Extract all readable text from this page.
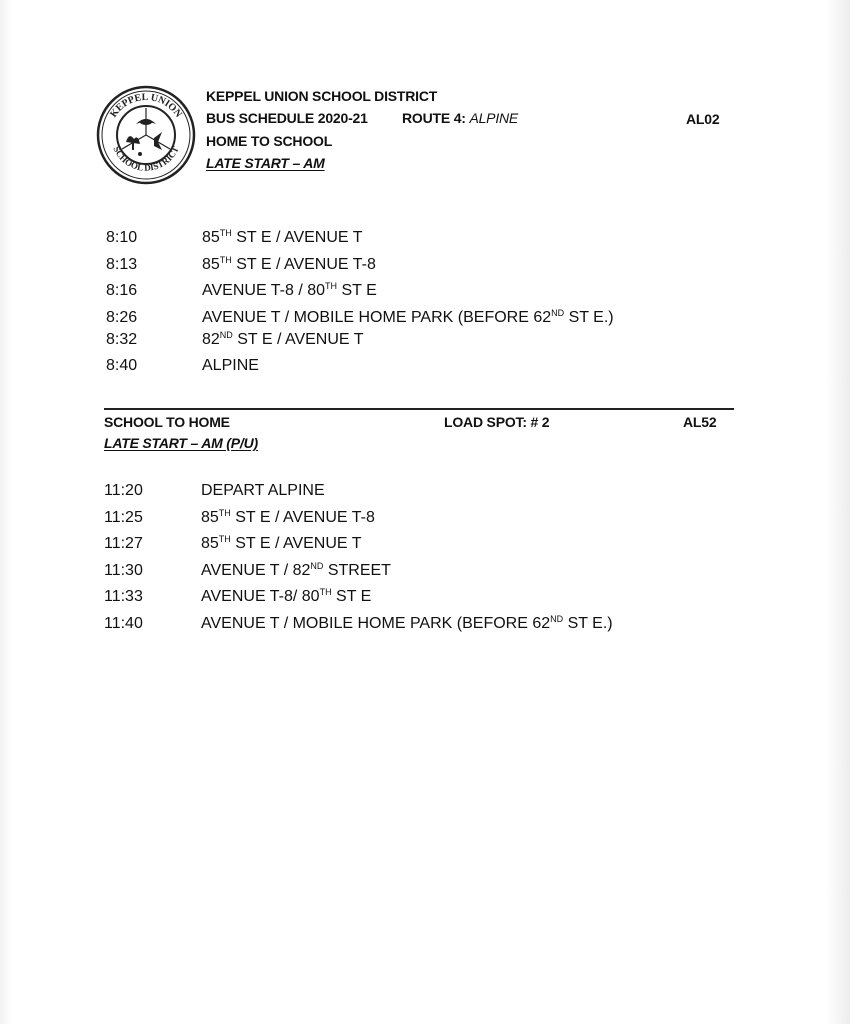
KEPPEL UNION
SCHOOL DISTRICT
KEPPEL UNION SCHOOL DISTRICT
BUS SCHEDULE 2020-21 ROUTE 4: ALPINE	AL02
HOME TO SCHOOL
LATE START – AM
8:10	85TH ST E / AVENUE T
8:13	85TH ST E / AVENUE T-8
8:16	AVENUE T-8 / 80TH ST E
8:26	AVENUE T / MOBILE HOME PARK (BEFORE 62ND ST E.)
8:32	82ND ST E / AVENUE T
8:40	ALPINE
SCHOOL TO HOME	LOAD SPOT: # 2	AL52
LATE START – AM (P/U)
11:20	DEPART ALPINE
11:25	85TH ST E / AVENUE T-8
11:27	85TH ST E / AVENUE T
11:30	AVENUE T / 82ND STREET
11:33	AVENUE T-8/ 80TH ST E
11:40	AVENUE T / MOBILE HOME PARK (BEFORE 62ND ST E.)
